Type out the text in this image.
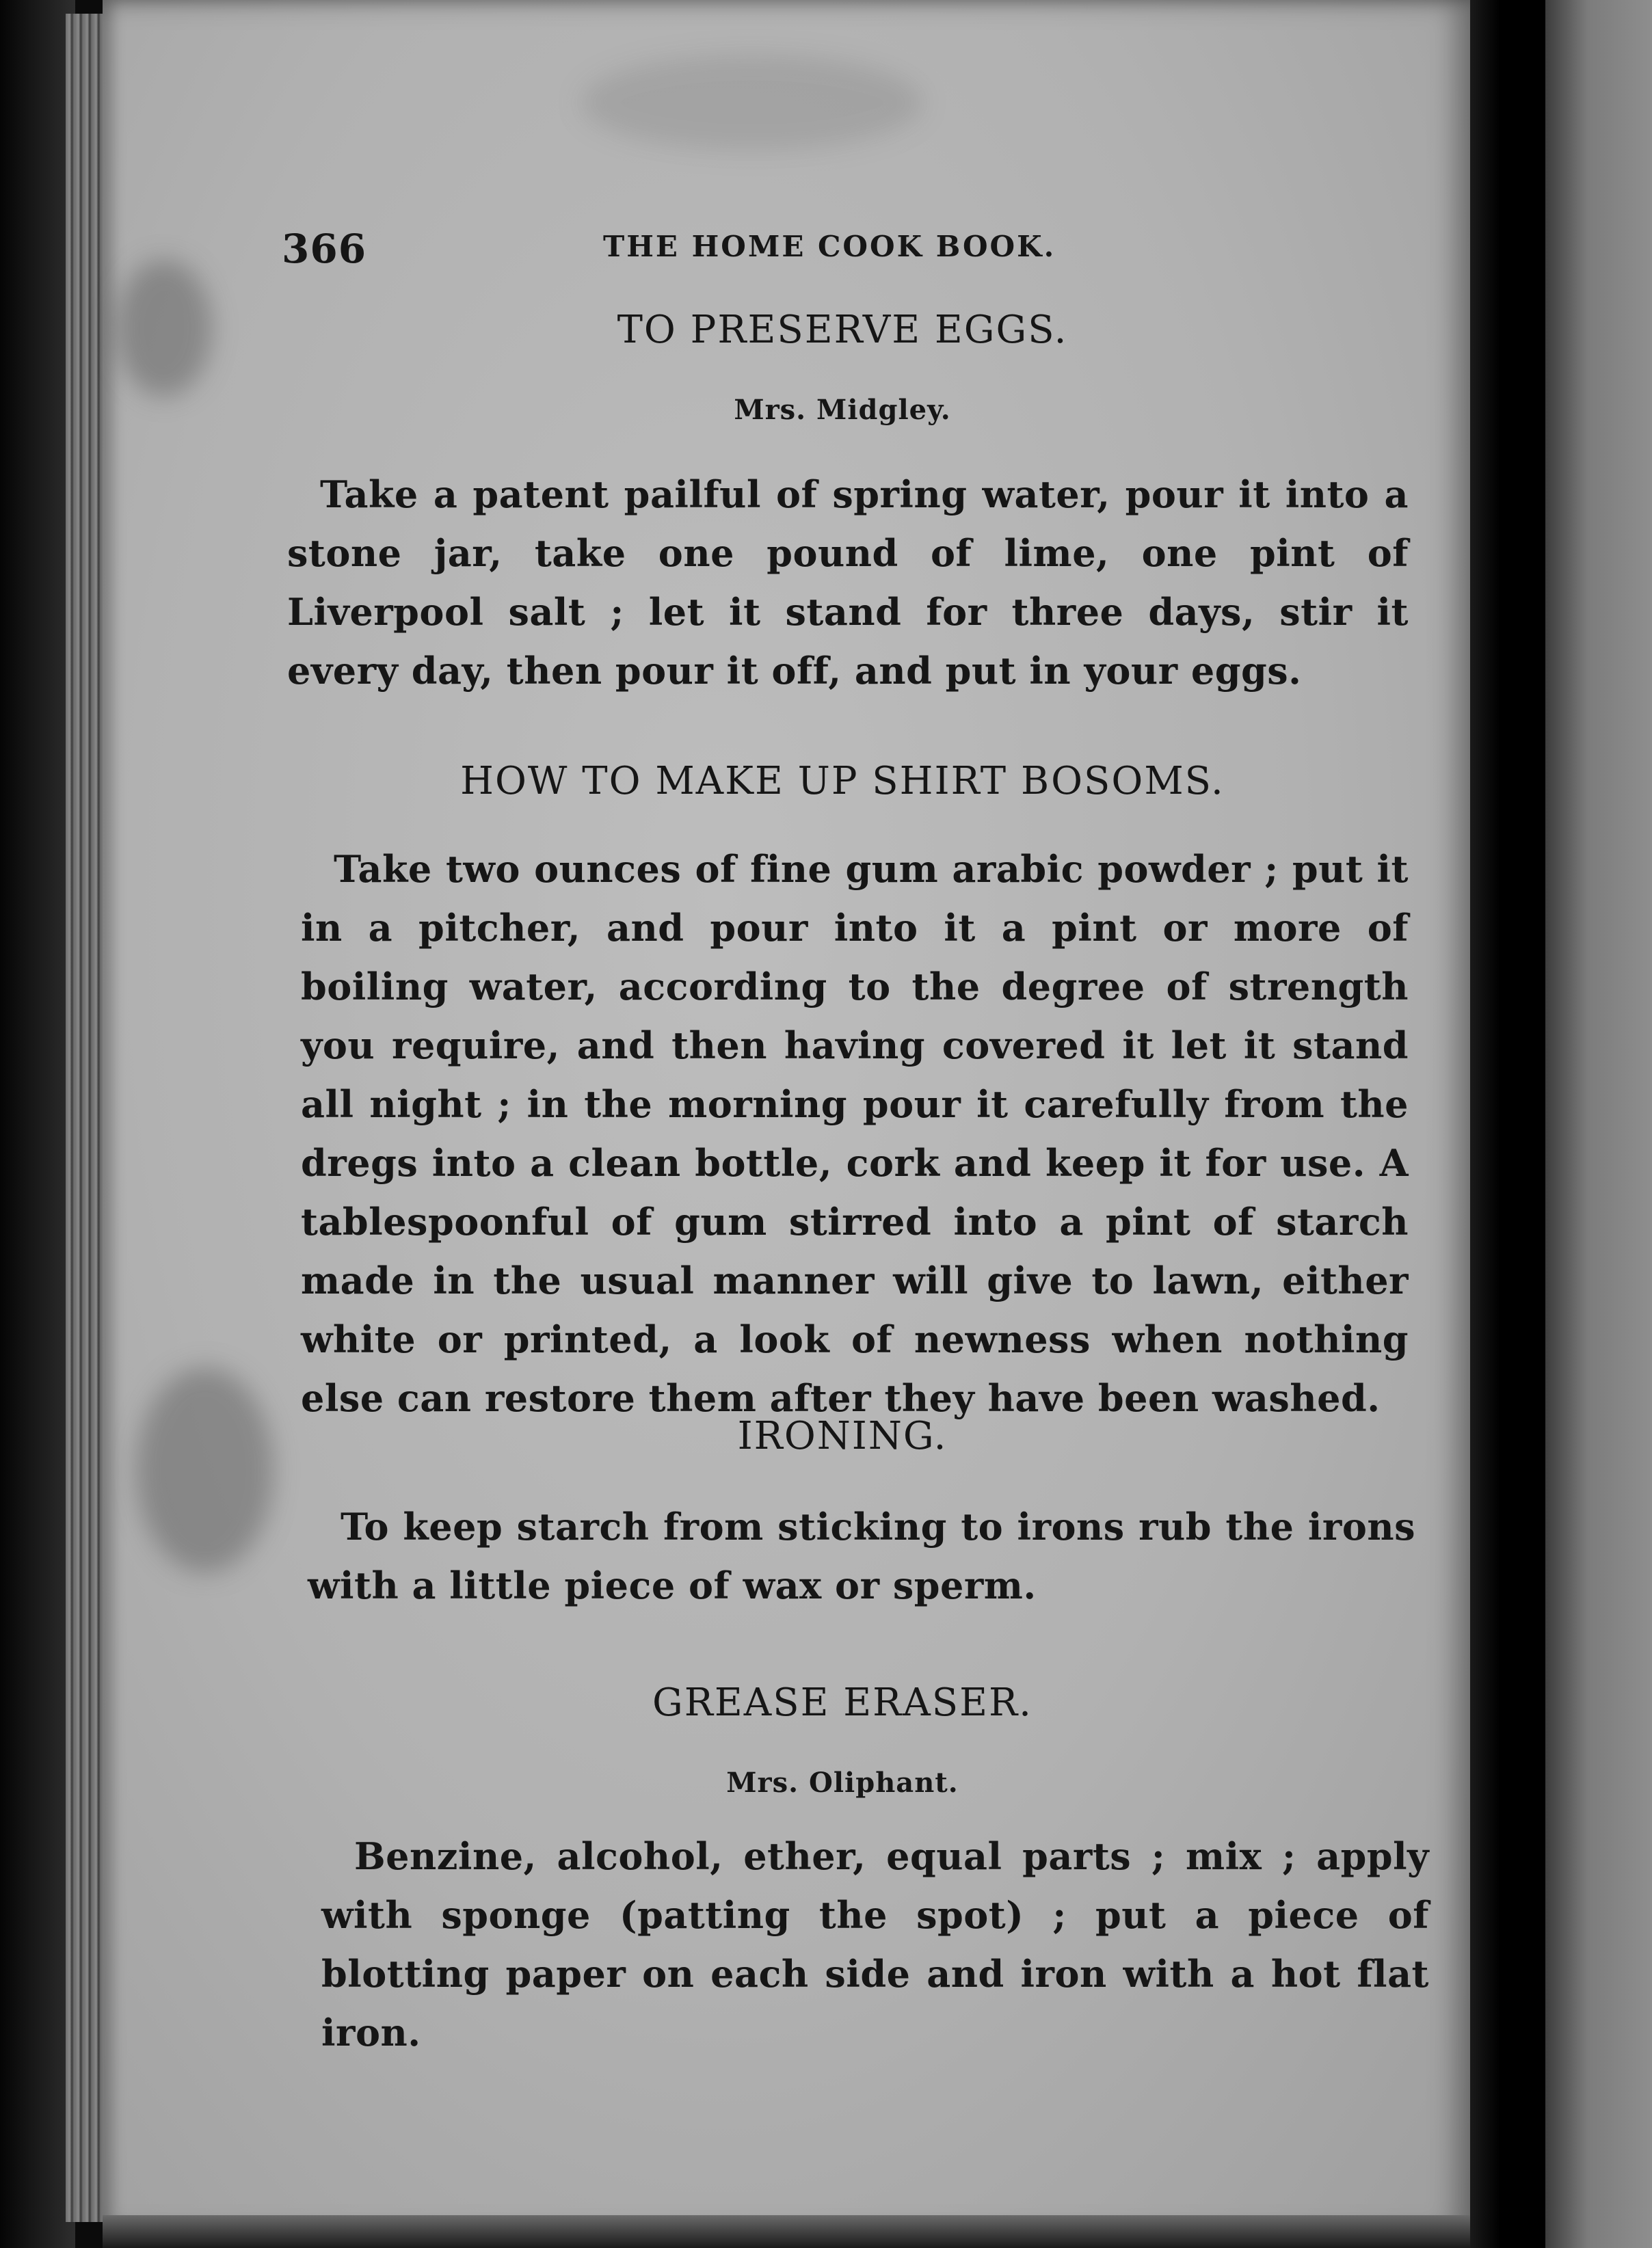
366	THE HOME COOK BOOK.
TO PRESERVE EGGS.
Mrs. Midgley.
Take a patent pailful of spring water, pour it into a stone jar, take one pound of lime, one pint of Liverpool salt ; let it stand for three days, stir it every day, then pour it off, and put in your eggs.
HOW TO MAKE UP SHIRT BOSOMS.
Take two ounces of fine gum arabic powder ; put it in a pitcher, and pour into it a pint or more of boiling water, according to the degree of strength you require, and then having covered it let it stand all night ; in the morning pour it carefully from the dregs into a clean bottle, cork and keep it for use. A tablespoonful of gum stirred into a pint of starch made in the usual manner will give to lawn, either white or printed, a look of newness when nothing else can restore them after they have been washed.
IRONING.
To keep starch from sticking to irons rub the irons with a little piece of wax or sperm.
GREASE ERASER.
Mrs. Oliphant.
Benzine, alcohol, ether, equal parts ; mix ; apply with sponge (patting the spot) ; put a piece of blotting paper on each side and iron with a hot flat iron.
